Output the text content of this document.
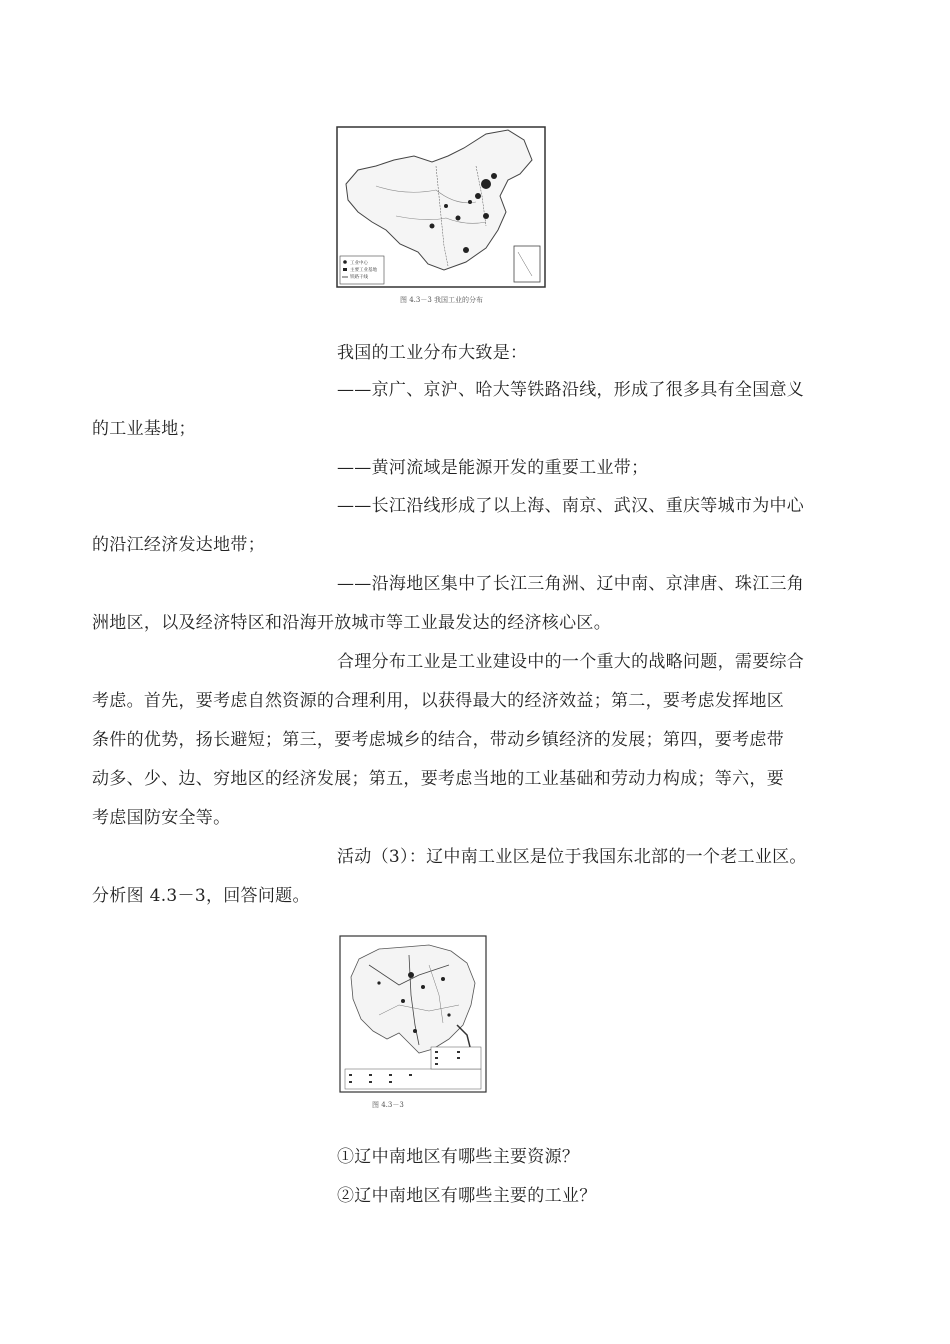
工业中心
主要工业基地
铁路干线
图 4.3－3 我国工业的分布
我国的工业分布大致是：
——京广、京沪、哈大等铁路沿线，形成了很多具有全国意义
的工业基地；
——黄河流域是能源开发的重要工业带；
——长江沿线形成了以上海、南京、武汉、重庆等城市为中心
的沿江经济发达地带；
——沿海地区集中了长江三角洲、辽中南、京津唐、珠江三角
洲地区，以及经济特区和沿海开放城市等工业最发达的经济核心区。
合理分布工业是工业建设中的一个重大的战略问题，需要综合
考虑。首先，要考虑自然资源的合理利用，以获得最大的经济效益；第二，要考虑发挥地区
条件的优势，扬长避短；第三，要考虑城乡的结合，带动乡镇经济的发展；第四，要考虑带
动多、少、边、穷地区的经济发展；第五，要考虑当地的工业基础和劳动力构成；等六，要
考虑国防安全等。
活动（3）：辽中南工业区是位于我国东北部的一个老工业区。
分析图 4.3－3，回答问题。
图 4.3－3
①辽中南地区有哪些主要资源？
②辽中南地区有哪些主要的工业？
